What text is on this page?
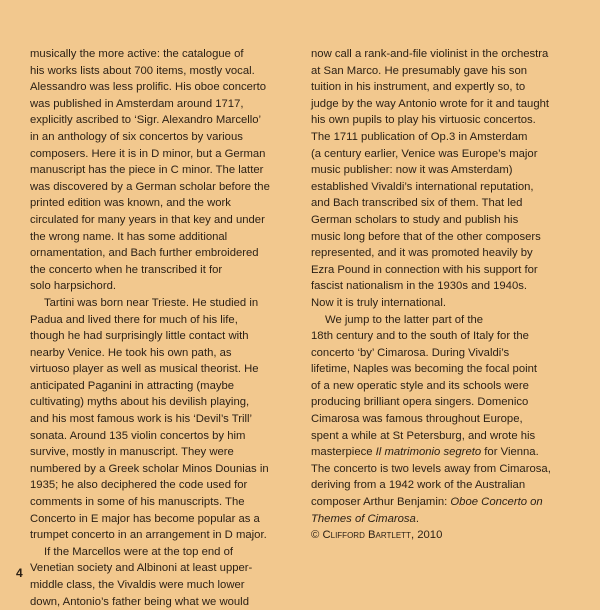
musically the more active: the catalogue of
his works lists about 700 items, mostly vocal.
Alessandro was less prolific. His oboe concerto
was published in Amsterdam around 1717,
explicitly ascribed to ‘Sigr. Alexandro Marcello’
in an anthology of six concertos by various
composers. Here it is in D minor, but a German
manuscript has the piece in C minor. The latter
was discovered by a German scholar before the
printed edition was known, and the work
circulated for many years in that key and under
the wrong name. It has some additional
ornamentation, and Bach further embroidered
the concerto when he transcribed it for
solo harpsichord.
Tartini was born near Trieste. He studied in
Padua and lived there for much of his life,
though he had surprisingly little contact with
nearby Venice. He took his own path, as
virtuoso player as well as musical theorist. He
anticipated Paganini in attracting (maybe
cultivating) myths about his devilish playing,
and his most famous work is his ‘Devil’s Trill’
sonata. Around 135 violin concertos by him
survive, mostly in manuscript. They were
numbered by a Greek scholar Minos Dounias in
1935; he also deciphered the code used for
comments in some of his manuscripts. The
Concerto in E major has become popular as a
trumpet concerto in an arrangement in D major.
If the Marcellos were at the top end of
Venetian society and Albinoni at least upper-
middle class, the Vivaldis were much lower
down, Antonio’s father being what we would
now call a rank-and-file violinist in the orchestra
at San Marco. He presumably gave his son
tuition in his instrument, and expertly so, to
judge by the way Antonio wrote for it and taught
his own pupils to play his virtuosic concertos.
The 1711 publication of Op.3 in Amsterdam
(a century earlier, Venice was Europe’s major
music publisher: now it was Amsterdam)
established Vivaldi’s international reputation,
and Bach transcribed six of them. That led
German scholars to study and publish his
music long before that of the other composers
represented, and it was promoted heavily by
Ezra Pound in connection with his support for
fascist nationalism in the 1930s and 1940s.
Now it is truly international.
We jump to the latter part of the
18th century and to the south of Italy for the
concerto ‘by’ Cimarosa. During Vivaldi’s
lifetime, Naples was becoming the focal point
of a new operatic style and its schools were
producing brilliant opera singers. Domenico
Cimarosa was famous throughout Europe,
spent a while at St Petersburg, and wrote his
masterpiece Il matrimonio segreto for Vienna.
The concerto is two levels away from Cimarosa,
deriving from a 1942 work of the Australian
composer Arthur Benjamin: Oboe Concerto on
Themes of Cimarosa.
© Clifford Bartlett, 2010
4
